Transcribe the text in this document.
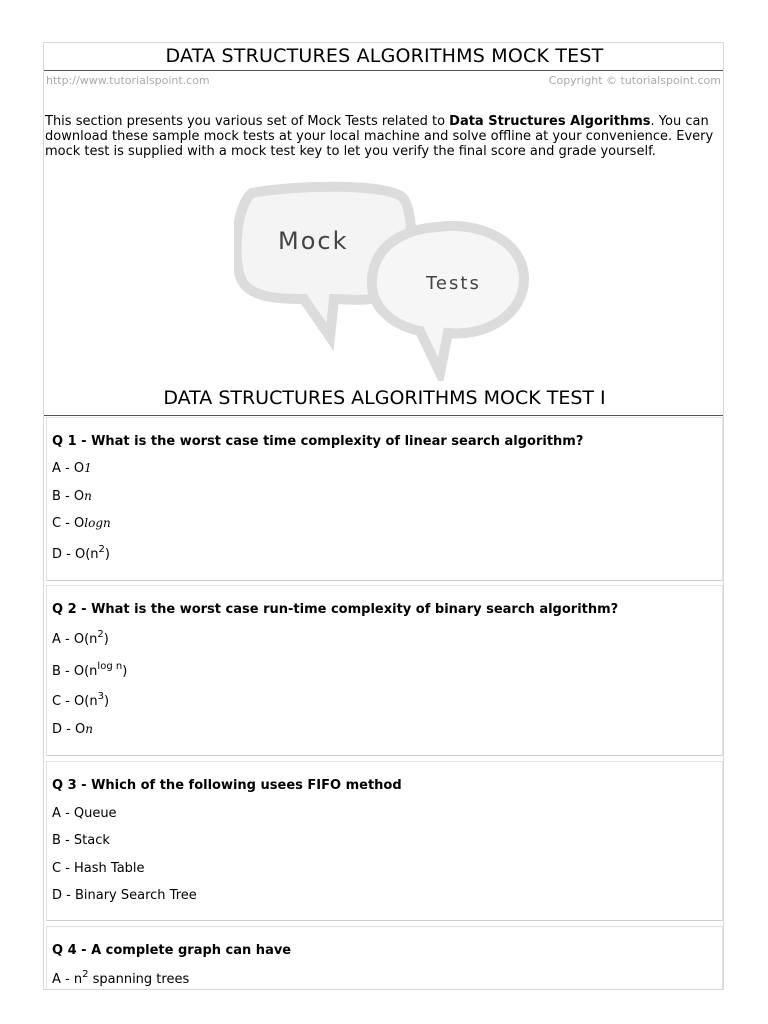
DATA STRUCTURES ALGORITHMS MOCK TEST
http://www.tutorialspoint.com	Copyright © tutorialspoint.com
This section presents you various set of Mock Tests related to Data Structures Algorithms. You can download these sample mock tests at your local machine and solve offline at your convenience. Every mock test is supplied with a mock test key to let you verify the final score and grade yourself.
Mock
Tests
DATA STRUCTURES ALGORITHMS MOCK TEST I
Q 1 - What is the worst case time complexity of linear search algorithm?
A - O1
B - On
C - Ologn
D - $O(n^2)$
Q 2 - What is the worst case run-time complexity of binary search algorithm?
A - $O(n^2)$
B - $O(n^{log n})$
C - $O(n^3)$
D - On
Q 3 - Which of the following usees FIFO method
A - Queue
B - Stack
C - Hash Table
D - Binary Search Tree
Q 4 - A complete graph can have
A - $n^2$ spanning trees
